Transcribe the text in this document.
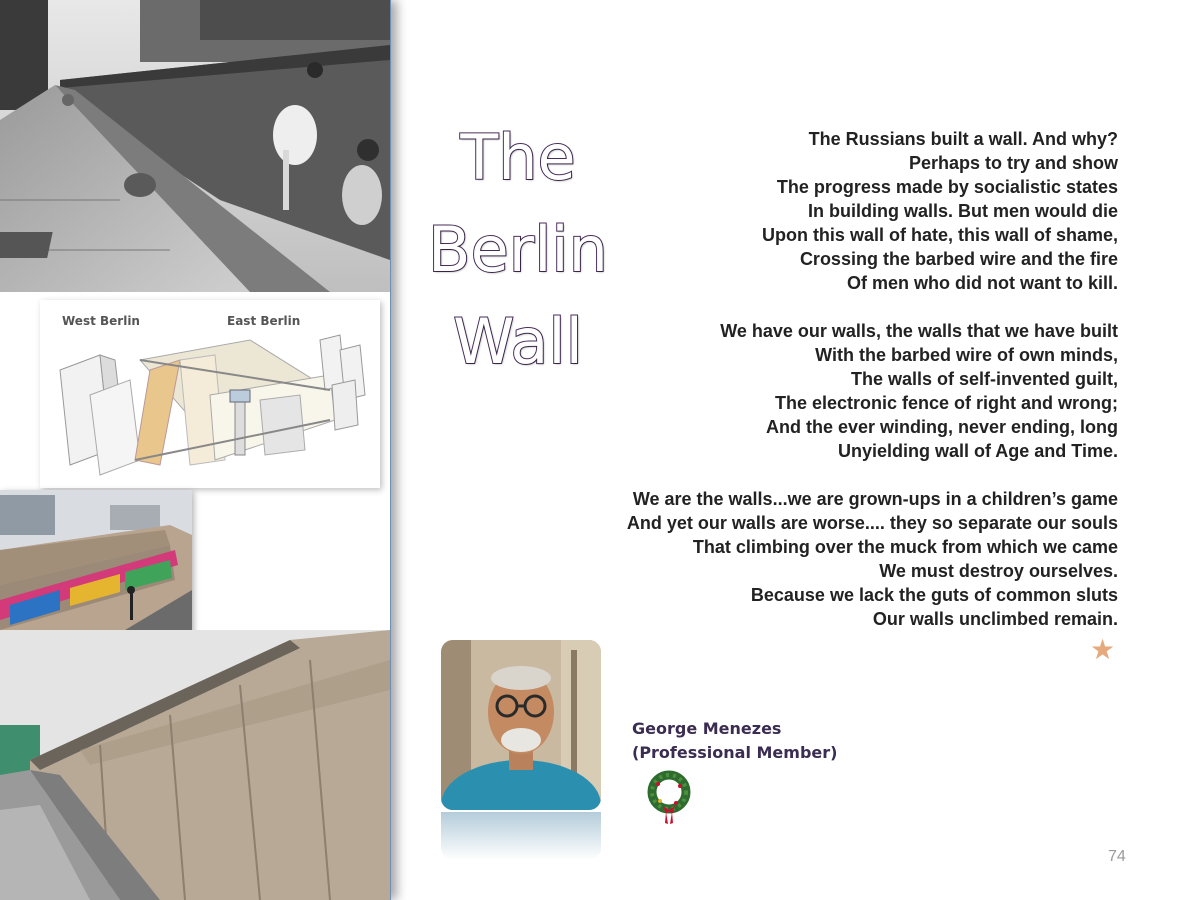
West Berlin	East Berlin
The
Berlin
Wall
The Russians built a wall. And why?
Perhaps to try and show
The progress made by socialistic states
In building walls. But men would die
Upon this wall of hate, this wall of shame,
Crossing the barbed wire and the fire
Of men who did not want to kill.
We have our walls, the walls that we have built
With the barbed wire of own minds,
The walls of self-invented guilt,
The electronic fence of right and wrong;
And the ever winding, never ending, long
Unyielding wall of Age and Time.
We are the walls...we are grown-ups in a children’s game
And yet our walls are worse.... they so separate our souls
That climbing over the muck from which we came
We must destroy ourselves.
Because we lack the guts of common sluts
Our walls unclimbed remain.
★
George Menezes
(Professional Member)
74
